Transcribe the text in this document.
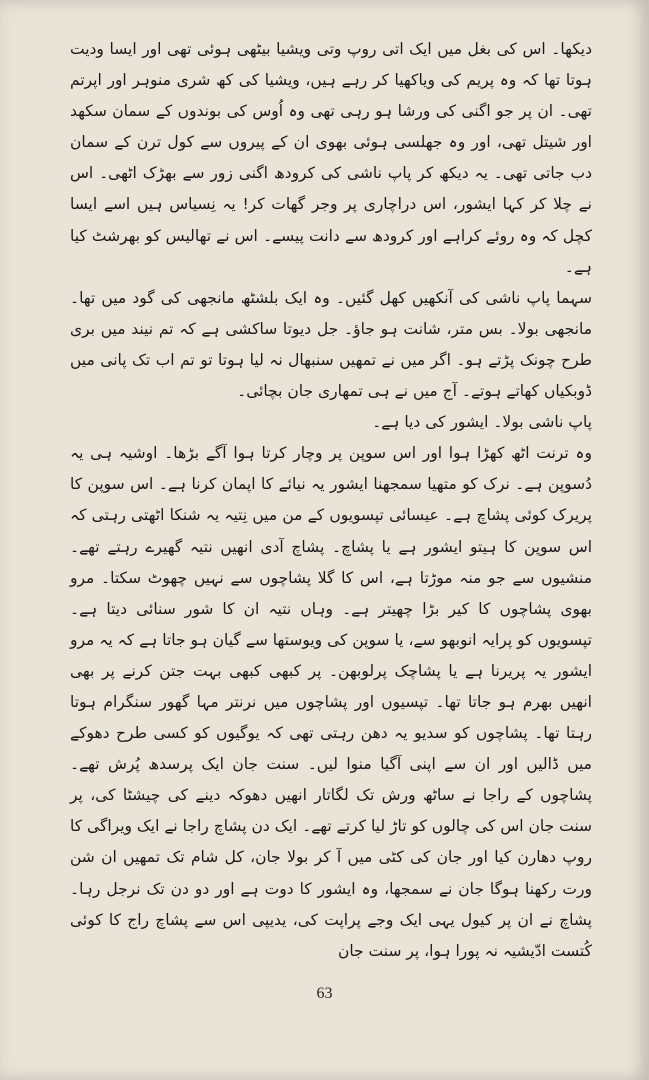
دیکھا۔ اس کی بغل میں ایک اتی روپ وتی ویشیا بیٹھی ہوئی تھی اور ایسا ودیت ہوتا تھا کہ وہ پریم کی ویاکھیا کر رہے ہیں، ویشیا کی کھ شری منوہر اور اپرتم تھی۔ ان پر جو اگنی کی ورشا ہو رہی تھی وہ اُوس کی بوندوں کے سمان سکھد اور شیتل تھی، اور وہ جھلسی ہوئی بھوی ان کے پیروں سے کول ترن کے سمان دب جاتی تھی۔ یہ دیکھ کر پاپ ناشی کی کرودھ اگنی زور سے بھڑک اٹھی۔ اس نے چلا کر کہا ایشور، اس دراچاری پر وجر گھات کر! یہ نِسیاس ہیں اسے ایسا کچل کہ وہ روئے کراہے اور کرودھ سے دانت پیسے۔ اس نے تھالیس کو بھرشٹ کیا ہے۔

سہما پاپ ناشی کی آنکھیں کھل گئیں۔ وہ ایک بلشٹھ مانجھی کی گود میں تھا۔ مانجھی بولا۔ بس متر، شانت ہو جاؤ۔ جل دیوتا ساکشی ہے کہ تم نیند میں بری طرح چونک پڑتے ہو۔ اگر میں نے تمھیں سنبھال نہ لیا ہوتا تو تم اب تک پانی میں ڈوبکیاں کھاتے ہوتے۔ آج میں نے ہی تمھاری جان بچائی۔

پاپ ناشی بولا۔ ایشور کی دیا ہے۔

وہ ترنت اٹھ کھڑا ہوا اور اس سوپن پر وچار کرتا ہوا آگے بڑھا۔ اوشیہ ہی یہ دُسوپن ہے۔ نرک کو متھیا سمجھنا ایشور یہ نیائے کا اپمان کرنا ہے۔ اس سوپن کا پریرک کوئی پشاچ ہے۔ عیسائی تپسویوں کے من میں نِتیہ یہ شنکا اٹھتی رہتی کہ اس سوپن کا ہیتو ایشور ہے یا پشاچ۔ پشاچ آدی انھیں نتیہ گھیرے رہتے تھے۔ منشیوں سے جو منہ موڑتا ہے، اس کا گلا پشاچوں سے نہیں چھوٹ سکتا۔ مرو بھوی پشاچوں کا کیر بڑا چھیتر ہے۔ وہاں نتیہ ان کا شور سنائی دیتا ہے۔ تپسویوں کو پرایہ انوبھو سے، یا سوپن کی ویوستھا سے گیان ہو جاتا ہے کہ یہ مرو ایشور یہ پریرنا ہے یا پشاچک پرلوبھن۔ پر کبھی کبھی بہت جتن کرنے پر بھی انھیں بھرم ہو جاتا تھا۔ تپسیوں اور پشاچوں میں نرنتر مہا گھور سنگرام ہوتا رہتا تھا۔ پشاچوں کو سدیو یہ دھن رہتی تھی کہ یوگیوں کو کسی طرح دھوکے میں ڈالیں اور ان سے اپنی آگیا منوا لیں۔ سنت جان ایک پرسدھ پُرش تھے۔ پشاچوں کے راجا نے ساٹھ ورش تک لگاتار انھیں دھوکہ دینے کی چیشٹا کی، پر سنت جان اس کی چالوں کو تاڑ لیا کرتے تھے۔ ایک دن پشاچ راجا نے ایک ویراگی کا روپ دھارن کیا اور جان کی کٹی میں آ کر بولا جان، کل شام تک تمھیں ان شن ورت رکھنا ہوگا جان نے سمجھا، وہ ایشور کا دوت ہے اور دو دن تک نرجل رہا۔ پشاچ نے ان پر کیول یہی ایک وجے پراپت کی، یدیپی اس سے پشاچ راج کا کوئی کُتست ادّیشیہ نہ پورا ہوا، پر سنت جان

63
